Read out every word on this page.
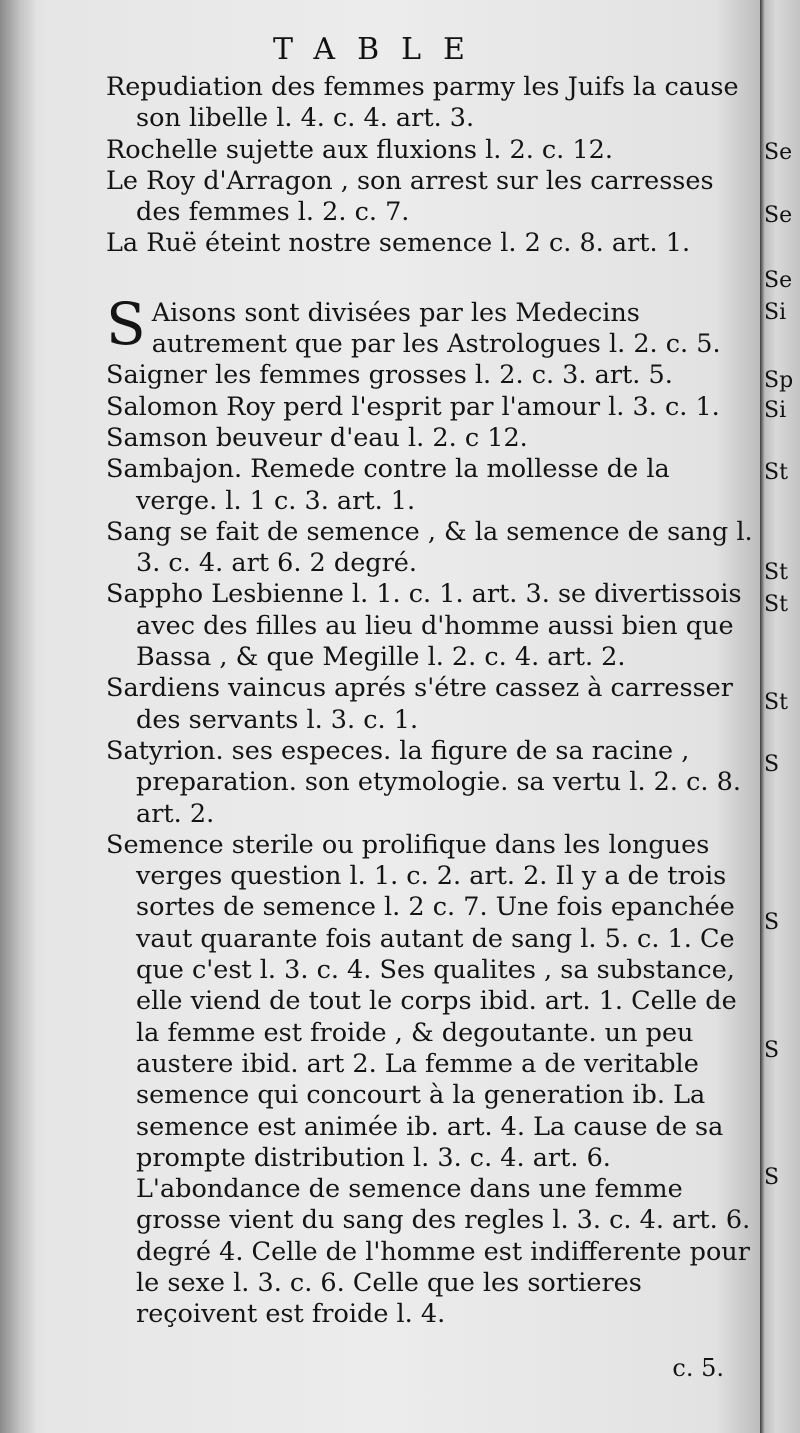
TABLE

Repudiation des femmes parmy les Juifs la cause son libelle l. 4. c. 4. art. 3.

Rochelle sujette aux fluxions l. 2. c. 12.

Le Roy d'Arragon , son arrest sur les carresses des femmes l. 2. c. 7.

La Ruë éteint nostre semence l. 2 c. 8. art. 1.

S Aisons sont divisées par les Medecins autrement que par les Astrologues l. 2. c. 5.

Saigner les femmes grosses l. 2. c. 3. art. 5.

Salomon Roy perd l'esprit par l'amour l. 3. c. 1.

Samson beuveur d'eau l. 2. c 12.

Sambajon. Remede contre la mollesse de la verge. l. 1 c. 3. art. 1.

Sang se fait de semence , & la semence de sang l. 3. c. 4. art 6. 2 degré.

Sappho Lesbienne l. 1. c. 1. art. 3. se divertissois avec des filles au lieu d'homme aussi bien que Bassa , & que Megille l. 2. c. 4. art. 2.

Sardiens vaincus aprés s'étre cassez à carresser des servants l. 3. c. 1.

Satyrion. ses especes. la figure de sa racine , preparation. son etymologie. sa vertu l. 2. c. 8. art. 2.

Semence sterile ou prolifique dans les longues verges question l. 1. c. 2. art. 2. Il y a de trois sortes de semence l. 2 c. 7. Une fois epanchée vaut quarante fois autant de sang l. 5. c. 1. Ce que c'est l. 3. c. 4. Ses qualites , sa substance, elle viend de tout le corps ibid. art. 1. Celle de la femme est froide , & degoutante. un peu austere ibid. art 2. La femme a de veritable semence qui concourt à la generation ib. La semence est animée ib. art. 4. La cause de sa prompte distribution l. 3. c. 4. art. 6. L'abondance de semence dans une femme grosse vient du sang des regles l. 3. c. 4. art. 6. degré 4. Celle de l'homme est indifferente pour le sexe l. 3. c. 6. Celle que les sortieres reçoivent est froide l. 4.

c. 5.
Se
Se
Se
Si
Sp
Si
St
St
St
St
S
S
S
S
